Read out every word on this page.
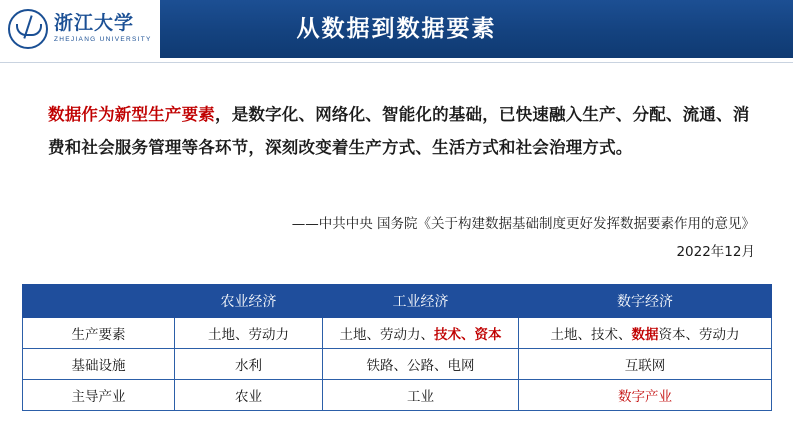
从数据到数据要素
浙江大学
ZHEJIANG UNIVERSITY
数据作为新型生产要素，是数字化、网络化、智能化的基础，已快速融入生产、分配、流通、消费和社会服务管理等各环节，深刻改变着生产方式、生活方式和社会治理方式。
——中共中央 国务院《关于构建数据基础制度更好发挥数据要素作用的意见》
2022年12月
	农业经济	工业经济	数字经济
生产要素	土地、劳动力	土地、劳动力、技术、资本	土地、技术、数据资本、劳动力
基础设施	水利	铁路、公路、电网	互联网
主导产业	农业	工业	数字产业
